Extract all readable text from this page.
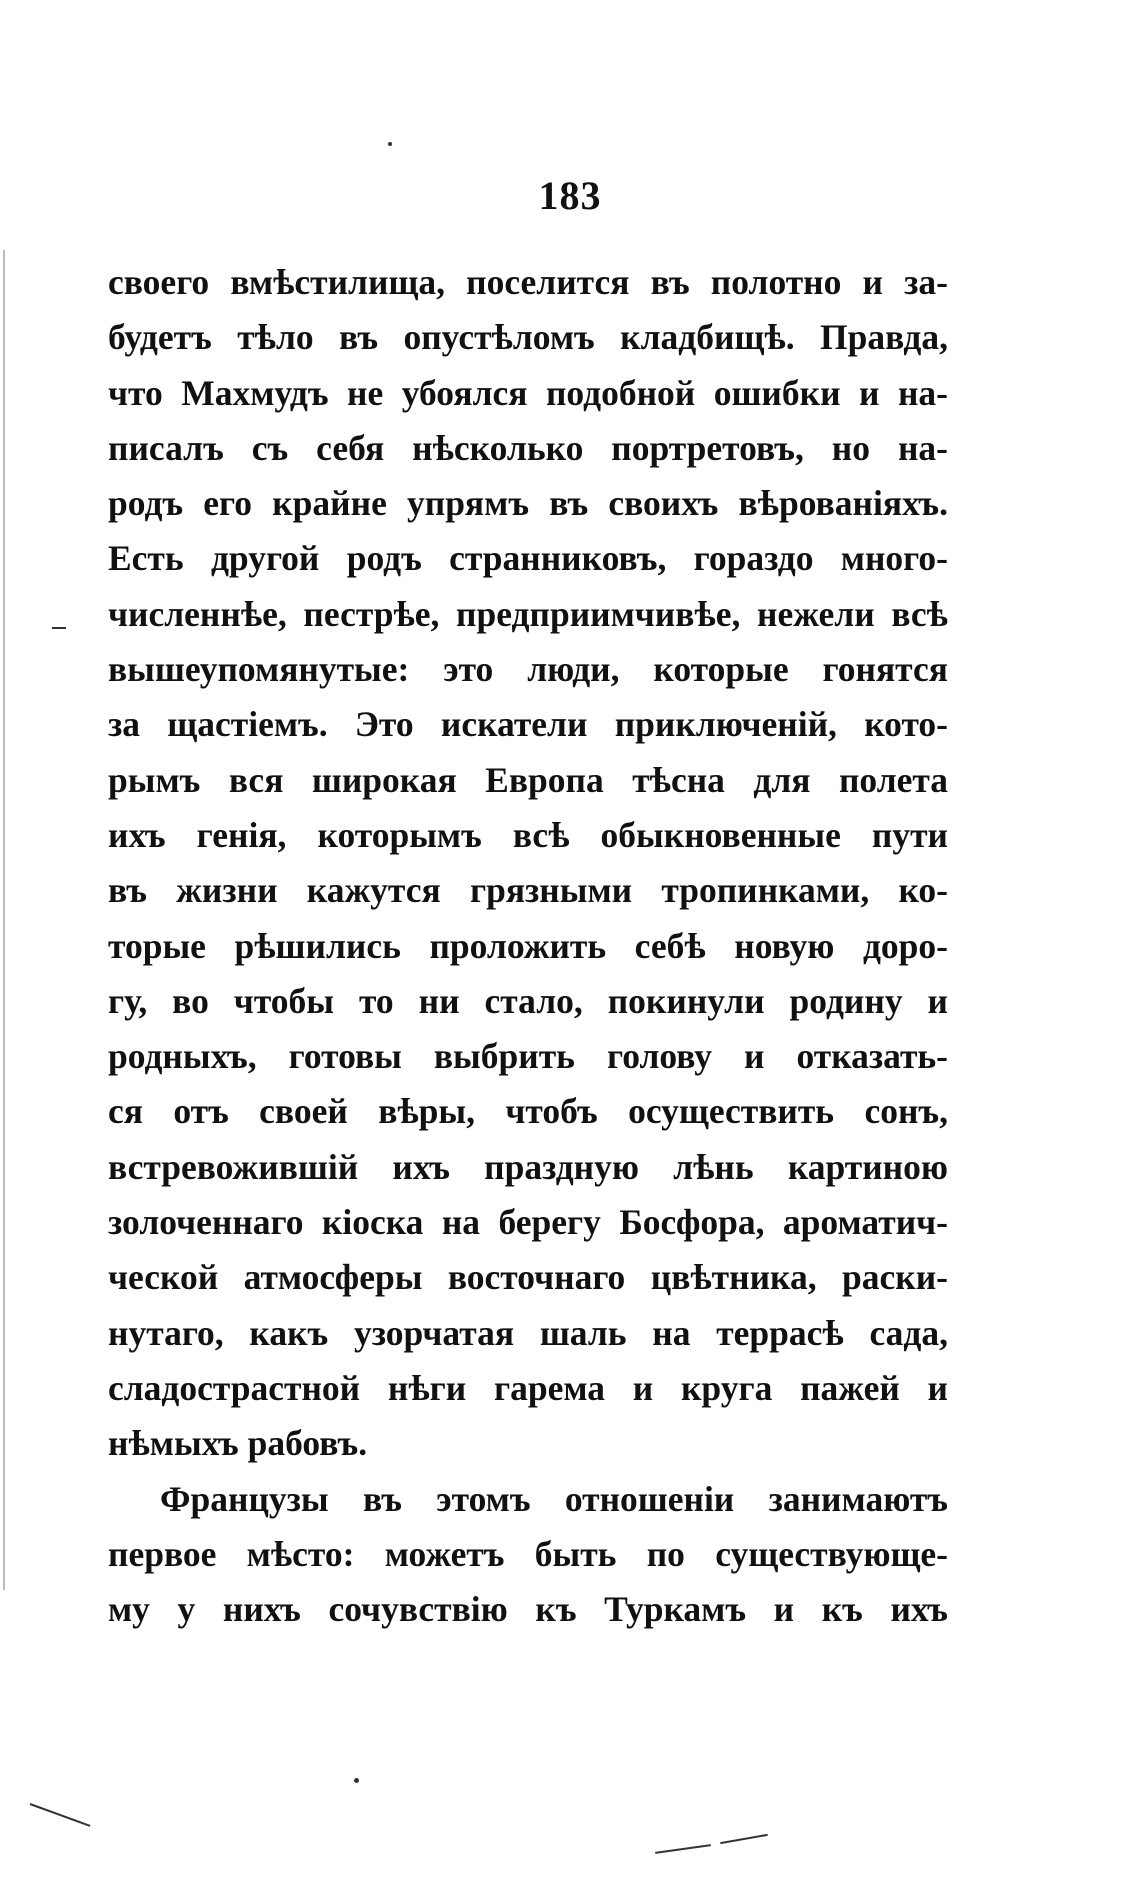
183
своего вмѣстилища, поселится въ полотно и за-
будетъ тѣло въ опустѣломъ кладбищѣ. Правда,
что Махмудъ не убоялся подобной ошибки и на-
писалъ съ себя нѣсколько портретовъ, но на-
родъ его крайне упрямъ въ своихъ вѣрованіяхъ.
Есть другой родъ странниковъ, гораздо много-
численнѣе, пестрѣе, предприимчивѣе, нежели всѣ
вышеупомянутые: это люди, которые гонятся
за щастіемъ. Это искатели приключеній, кото-
рымъ вся широкая Европа тѣсна для полета
ихъ генія, которымъ всѣ обыкновенные пути
въ жизни кажутся грязными тропинками, ко-
торые рѣшились проложить себѣ новую доро-
гу, во чтобы то ни стало, покинули родину и
родныхъ, готовы выбрить голову и отказать-
ся отъ своей вѣры, чтобъ осуществить сонъ,
встревожившій ихъ праздную лѣнь картиною
золоченнаго кіоска на берегу Босфора, ароматич-
ческой атмосферы восточнаго цвѣтника, раски-
нутаго, какъ узорчатая шаль на террасѣ сада,
сладострастной нѣги гарема и круга пажей и
нѣмыхъ рабовъ.
Французы въ этомъ отношеніи занимаютъ
первое мѣсто: можетъ быть по существующе-
му у нихъ сочувствію къ Туркамъ и къ ихъ
